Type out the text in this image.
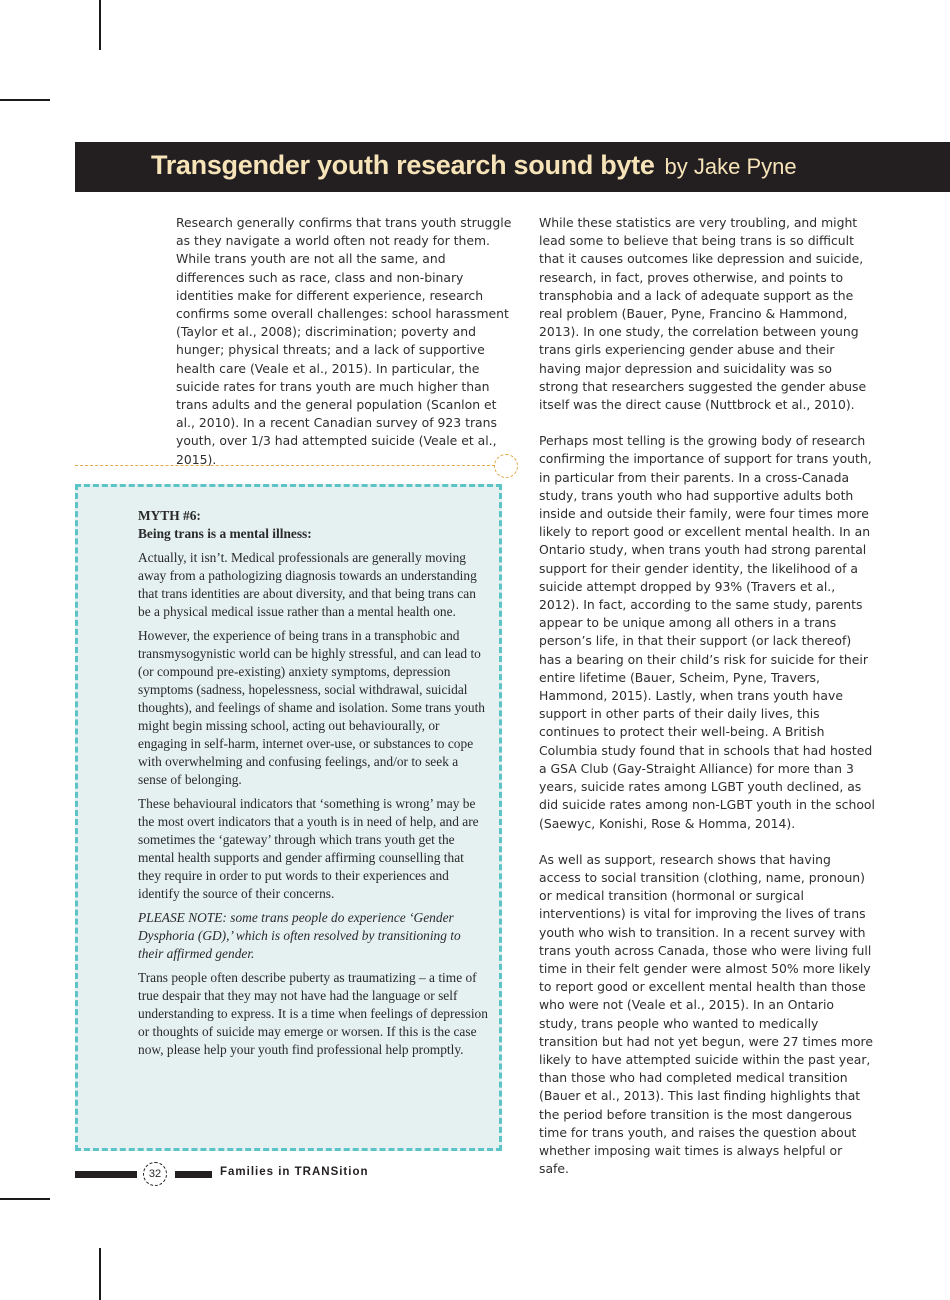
Transgender youth research sound byte by Jake Pyne

Research generally confirms that trans youth struggle as they navigate a world often not ready for them. While trans youth are not all the same, and differences such as race, class and non-binary identities make for different experience, research confirms some overall challenges: school harassment (Taylor et al., 2008); discrimination; poverty and hunger; physical threats; and a lack of supportive health care (Veale et al., 2015). In particular, the suicide rates for trans youth are much higher than trans adults and the general population (Scanlon et al., 2010). In a recent Canadian survey of 923 trans youth, over 1/3 had attempted suicide (Veale et al., 2015).

MYTH #6:

Being trans is a mental illness:

Actually, it isn’t. Medical professionals are generally moving away from a pathologizing diagnosis towards an understanding that trans identities are about diversity, and that being trans can be a physical medical issue rather than a mental health one.

However, the experience of being trans in a transphobic and transmysogynistic world can be highly stressful, and can lead to (or compound pre-existing) anxiety symptoms, depression symptoms (sadness, hopelessness, social withdrawal, suicidal thoughts), and feelings of shame and isolation. Some trans youth might begin missing school, acting out behaviourally, or engaging in self-harm, internet over-use, or substances to cope with overwhelming and confusing feelings, and/or to seek a sense of belonging.

These behavioural indicators that ‘something is wrong’ may be the most overt indicators that a youth is in need of help, and are sometimes the ‘gateway’ through which trans youth get the mental health supports and gender affirming counselling that they require in order to put words to their experiences and identify the source of their concerns.

PLEASE NOTE: some trans people do experience ‘Gender Dysphoria (GD),’ which is often resolved by transitioning to their affirmed gender.

Trans people often describe puberty as traumatizing – a time of true despair that they may not have had the language or self understanding to express. It is a time when feelings of depression or thoughts of suicide may emerge or worsen. If this is the case now, please help your youth find professional help promptly.

While these statistics are very troubling, and might lead some to believe that being trans is so difficult that it causes outcomes like depression and suicide, research, in fact, proves otherwise, and points to transphobia and a lack of adequate support as the real problem (Bauer, Pyne, Francino & Hammond, 2013). In one study, the correlation between young trans girls experiencing gender abuse and their having major depression and suicidality was so strong that researchers suggested the gender abuse itself was the direct cause (Nuttbrock et al., 2010).

Perhaps most telling is the growing body of research confirming the importance of support for trans youth, in particular from their parents. In a cross-Canada study, trans youth who had supportive adults both inside and outside their family, were four times more likely to report good or excellent mental health. In an Ontario study, when trans youth had strong parental support for their gender identity, the likelihood of a suicide attempt dropped by 93% (Travers et al., 2012). In fact, according to the same study, parents appear to be unique among all others in a trans person’s life, in that their support (or lack thereof) has a bearing on their child’s risk for suicide for their entire lifetime (Bauer, Scheim, Pyne, Travers, Hammond, 2015). Lastly, when trans youth have support in other parts of their daily lives, this continues to protect their well-being. A British Columbia study found that in schools that had hosted a GSA Club (Gay-Straight Alliance) for more than 3 years, suicide rates among LGBT youth declined, as did suicide rates among non-LGBT youth in the school (Saewyc, Konishi, Rose & Homma, 2014).

As well as support, research shows that having access to social transition (clothing, name, pronoun) or medical transition (hormonal or surgical interventions) is vital for improving the lives of trans youth who wish to transition. In a recent survey with trans youth across Canada, those who were living full time in their felt gender were almost 50% more likely to report good or excellent mental health than those who were not (Veale et al., 2015). In an Ontario study, trans people who wanted to medically transition but had not yet begun, were 27 times more likely to have attempted suicide within the past year, than those who had completed medical transition (Bauer et al., 2013). This last finding highlights that the period before transition is the most dangerous time for trans youth, and raises the question about whether imposing wait times is always helpful or safe.

32	Families in TRANSition
